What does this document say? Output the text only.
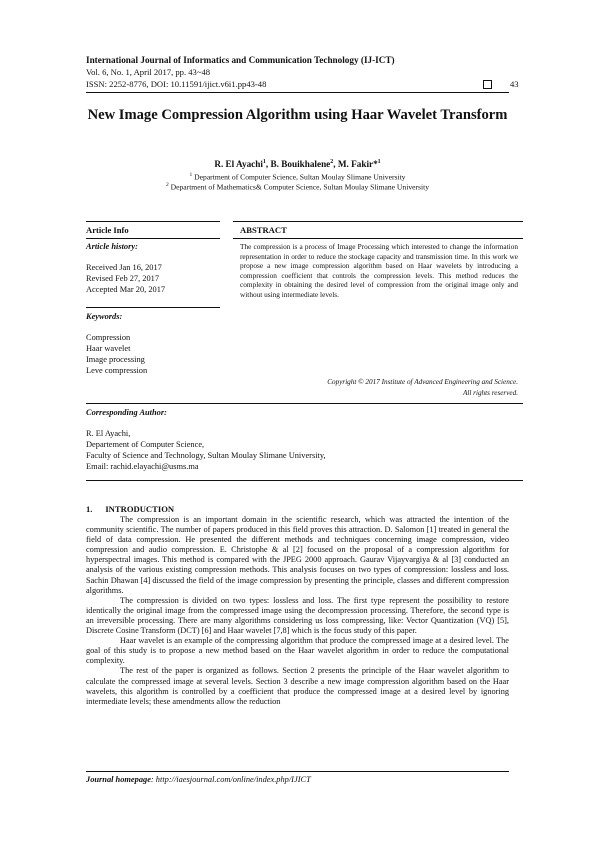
International Journal of Informatics and Communication Technology (IJ-ICT)
Vol. 6, No. 1, April 2017, pp. 43~48
ISSN: 2252-8776, DOI: 10.11591/ijict.v6i1.pp43-48	43
New Image Compression Algorithm using Haar Wavelet Transform
R. El Ayachi$^1$, B. Bouikhalene$^2$, M. Fakir*$^1$
$^1$ Department of Computer Science, Sultan Moulay Slimane University
$^2$ Department of Mathematics& Computer Science, Sultan Moulay Slimane University
Article Info	ABSTRACT
Article history:
Received Jan 16, 2017
Revised Feb 27, 2017
Accepted Mar 20, 2017
Keywords:
Compression
Haar wavelet
Image processing
Leve compression
The compression is a process of Image Processing which interested to change the information representation in order to reduce the stockage capacity and transmission time. In this work we propose a new image compression algorithm based on Haar wavelets by introducing a compression coefficient that controls the compression levels. This method reduces the complexity in obtaining the desired level of compression from the original image only and without using intermediate levels.
Copyright © 2017 Institute of Advanced Engineering and Science.
All rights reserved.
Corresponding Author:
R. El Ayachi,
Departement of Computer Science,
Faculty of Science and Technology, Sultan Moulay Slimane University,
Email: rachid.elayachi@usms.ma
1.      INTRODUCTION

The compression is an important domain in the scientific research, which was attracted the intention of the community scientific. The number of papers produced in this field proves this attraction. D. Salomon [1] treated in general the field of data compression. He presented the different methods and techniques concerning image compression, video compression and audio compression. E. Christophe & al [2] focused on the proposal of a compression algorithm for hyperspectral images. This method is compared with the JPEG 2000 approach. Gaurav Vijayvargiya & al [3] conducted an analysis of the various existing compression methods. This analysis focuses on two types of compression: lossless and loss. Sachin Dhawan [4] discussed the field of the image compression by presenting the principle, classes and different compression algorithms.

The compression is divided on two types: lossless and loss. The first type represent the possibility to restore identically the original image from the compressed image using the decompression processing. Therefore, the second type is an irreversible processing. There are many algorithms considering us loss compressing, like: Vector Quantization (VQ) [5], Discrete Cosine Transform (DCT) [6] and Haar wavelet [7,8] which is the focus study of this paper.

Haar wavelet is an example of the compressing algorithm that produce the compressed image at a desired level. The goal of this study is to propose a new method based on the Haar wavelet algorithm in order to reduce the computational complexity.

The rest of the paper is organized as follows. Section 2 presents the principle of the Haar wavelet algorithm to calculate the compressed image at several levels. Section 3 describe a new image compression algorithm based on the Haar wavelets, this algorithm is controlled by a coefficient that produce the compressed image at a desired level by ignoring intermediate levels; these amendments allow the reduction

Journal homepage: http://iaesjournal.com/online/index.php/IJICT
